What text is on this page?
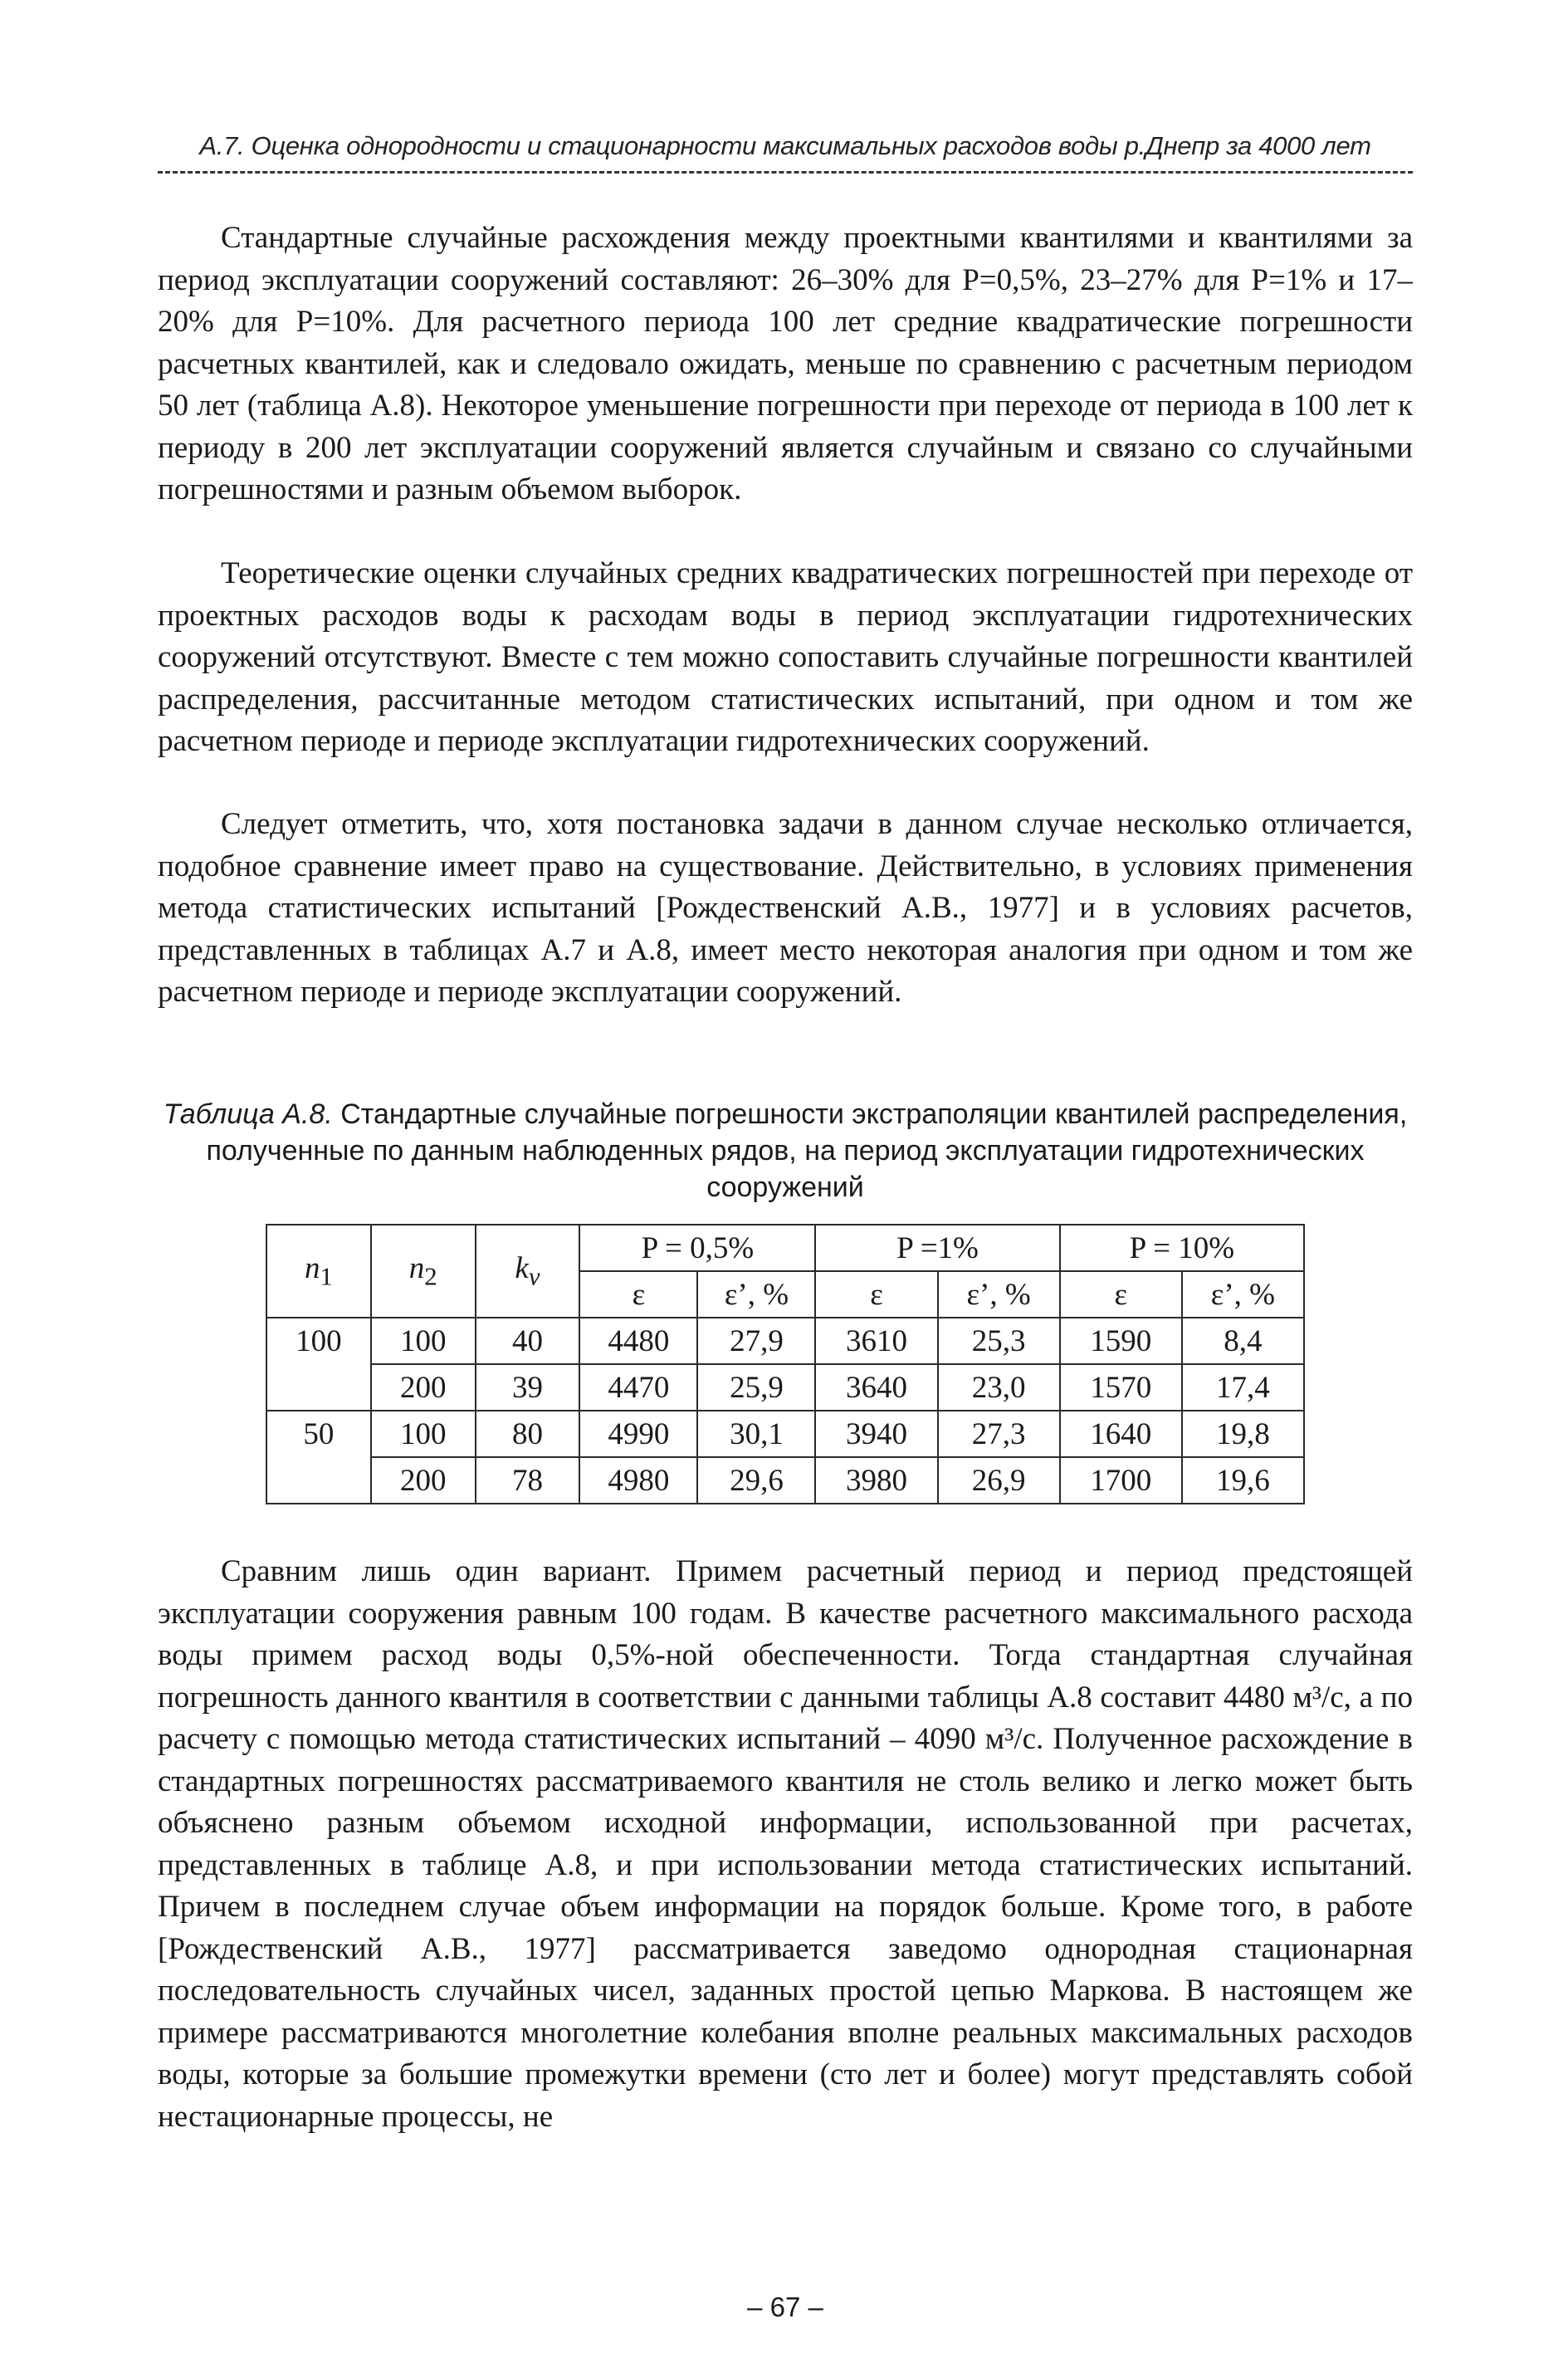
А.7. Оценка однородности и стационарности максимальных расходов воды р.Днепр за 4000 лет

Стандартные случайные расхождения между проектными квантилями и квантилями за период эксплуатации сооружений составляют: 26–30% для P=0,5%, 23–27% для P=1% и 17–20% для P=10%. Для расчетного периода 100 лет средние квадратические погрешности расчетных квантилей, как и следовало ожидать, меньше по сравнению с расчетным периодом 50 лет (таблица А.8). Некоторое уменьшение погрешности при переходе от периода в 100 лет к периоду в 200 лет эксплуатации сооружений является случайным и связано со случайными погрешностями и разным объемом выборок.

Теоретические оценки случайных средних квадратических погрешностей при переходе от проектных расходов воды к расходам воды в период эксплуатации гидротехнических сооружений отсутствуют. Вместе с тем можно сопоставить случайные погрешности квантилей распределения, рассчитанные методом статистических испытаний, при одном и том же расчетном периоде и периоде эксплуатации гидротехнических сооружений.

Следует отметить, что, хотя постановка задачи в данном случае несколько отличается, подобное сравнение имеет право на существование. Действительно, в условиях применения метода статистических испытаний [Рождественский А.В., 1977] и в условиях расчетов, представленных в таблицах А.7 и А.8, имеет место некоторая аналогия при одном и том же расчетном периоде и периоде эксплуатации сооружений.

Таблица А.8. Стандартные случайные погрешности экстраполяции квантилей распределения, полученные по данным наблюденных рядов, на период эксплуатации гидротехнических сооружений
$n_1$	$n_2$	$k_v$	P = 0,5%		P =1%		P = 10%	
			ε	ε’, %	ε	ε’, %	ε	ε’, %
100	100	40	4480	27,9	3610	25,3	1590	8,4
	200	39	4470	25,9	3640	23,0	1570	17,4
50	100	80	4990	30,1	3940	27,3	1640	19,8
	200	78	4980	29,6	3980	26,9	1700	19,6

Сравним лишь один вариант. Примем расчетный период и период предстоящей эксплуатации сооружения равным 100 годам. В качестве расчетного максимального расхода воды примем расход воды 0,5%-ной обеспеченности. Тогда стандартная случайная погрешность данного квантиля в соответствии с данными таблицы А.8 составит 4480 м³/с, а по расчету с помощью метода статистических испытаний – 4090 м³/с. Полученное расхождение в стандартных погрешностях рассматриваемого квантиля не столь велико и легко может быть объяснено разным объемом исходной информации, использованной при расчетах, представленных в таблице А.8, и при использовании метода статистических испытаний. Причем в последнем случае объем информации на порядок больше. Кроме того, в работе [Рождественский А.В., 1977] рассматривается заведомо однородная стационарная последовательность случайных чисел, заданных простой цепью Маркова. В настоящем же примере рассматриваются многолетние колебания вполне реальных максимальных расходов воды, которые за большие промежутки времени (сто лет и более) могут представлять собой нестационарные процессы, не

– 67 –
